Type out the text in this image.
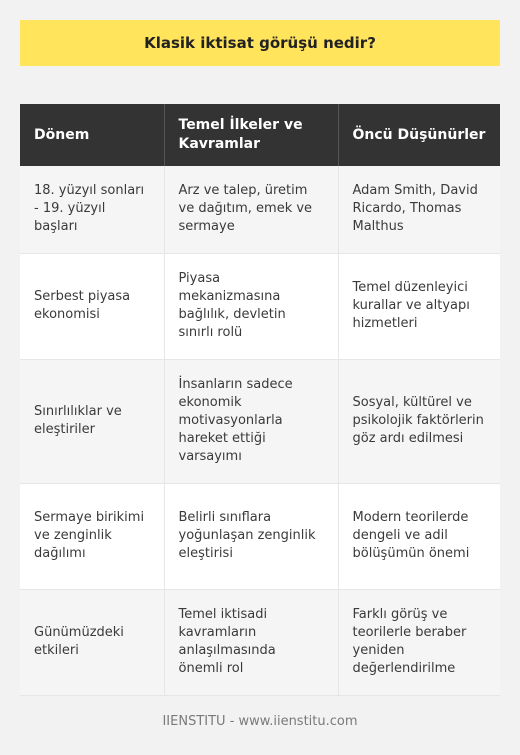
Klasik iktisat görüşü nedir?
Dönem	Temel İlkeler ve Kavramlar	Öncü Düşünürler
18. yüzyıl sonları - 19. yüzyıl başları	Arz ve talep, üretim ve dağıtım, emek ve sermaye	Adam Smith, David Ricardo, Thomas Malthus
Serbest piyasa ekonomisi	Piyasa mekanizmasına bağlılık, devletin sınırlı rolü	Temel düzenleyici kurallar ve altyapı hizmetleri
Sınırlılıklar ve eleştiriler	İnsanların sadece ekonomik motivasyonlarla hareket ettiği varsayımı	Sosyal, kültürel ve psikolojik faktörlerin göz ardı edilmesi
Sermaye birikimi ve zenginlik dağılımı	Belirli sınıflara yoğunlaşan zenginlik eleştirisi	Modern teorilerde dengeli ve adil bölüşümün önemi
Günümüzdeki etkileri	Temel iktisadi kavramların anlaşılmasında önemli rol	Farklı görüş ve teorilerle beraber yeniden değerlendirilme
IIENSTITU - www.iienstitu.com
